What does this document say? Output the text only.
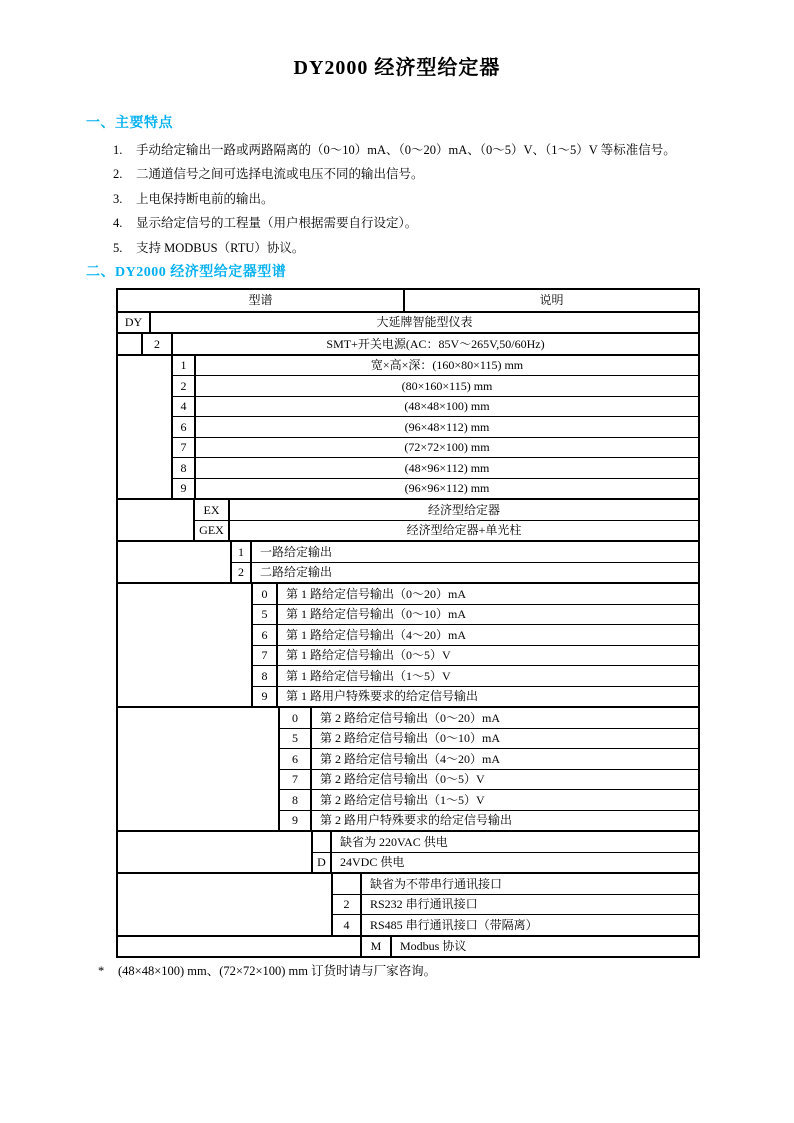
DY2000 经济型给定器
一、主要特点
1.	手动给定输出一路或两路隔离的（0～10）mA、（0～20）mA、（0～5）V、（1～5）V 等标准信号。
2.	二通道信号之间可选择电流或电压不同的输出信号。
3.	上电保持断电前的输出。
4.	显示给定信号的工程量（用户根据需要自行设定）。
5.	支持 MODBUS（RTU）协议。
二、DY2000 经济型给定器型谱
型谱	说明
DY	大延牌智能型仪表
2	SMT+开关电源(AC：85V～265V,50/60Hz)
1	宽×高×深：(160×80×115) mm
2	(80×160×115) mm
4	(48×48×100) mm
6	(96×48×112) mm
7	(72×72×100) mm
8	(48×96×112) mm
9	(96×96×112) mm
EX	经济型给定器
GEX	经济型给定器+单光柱
1	一路给定输出
2	二路给定输出
0	第 1 路给定信号输出（0～20）mA
5	第 1 路给定信号输出（0～10）mA
6	第 1 路给定信号输出（4～20）mA
7	第 1 路给定信号输出（0～5）V
8	第 1 路给定信号输出（1～5）V
9	第 1 路用户特殊要求的给定信号输出
0	第 2 路给定信号输出（0～20）mA
5	第 2 路给定信号输出（0～10）mA
6	第 2 路给定信号输出（4～20）mA
7	第 2 路给定信号输出（0～5）V
8	第 2 路给定信号输出（1～5）V
9	第 2 路用户特殊要求的给定信号输出
缺省为 220VAC 供电
D	24VDC 供电
缺省为不带串行通讯接口
2	RS232 串行通讯接口
4	RS485 串行通讯接口（带隔离）
M	Modbus 协议
*	(48×48×100) mm、(72×72×100) mm 订货时请与厂家咨询。
